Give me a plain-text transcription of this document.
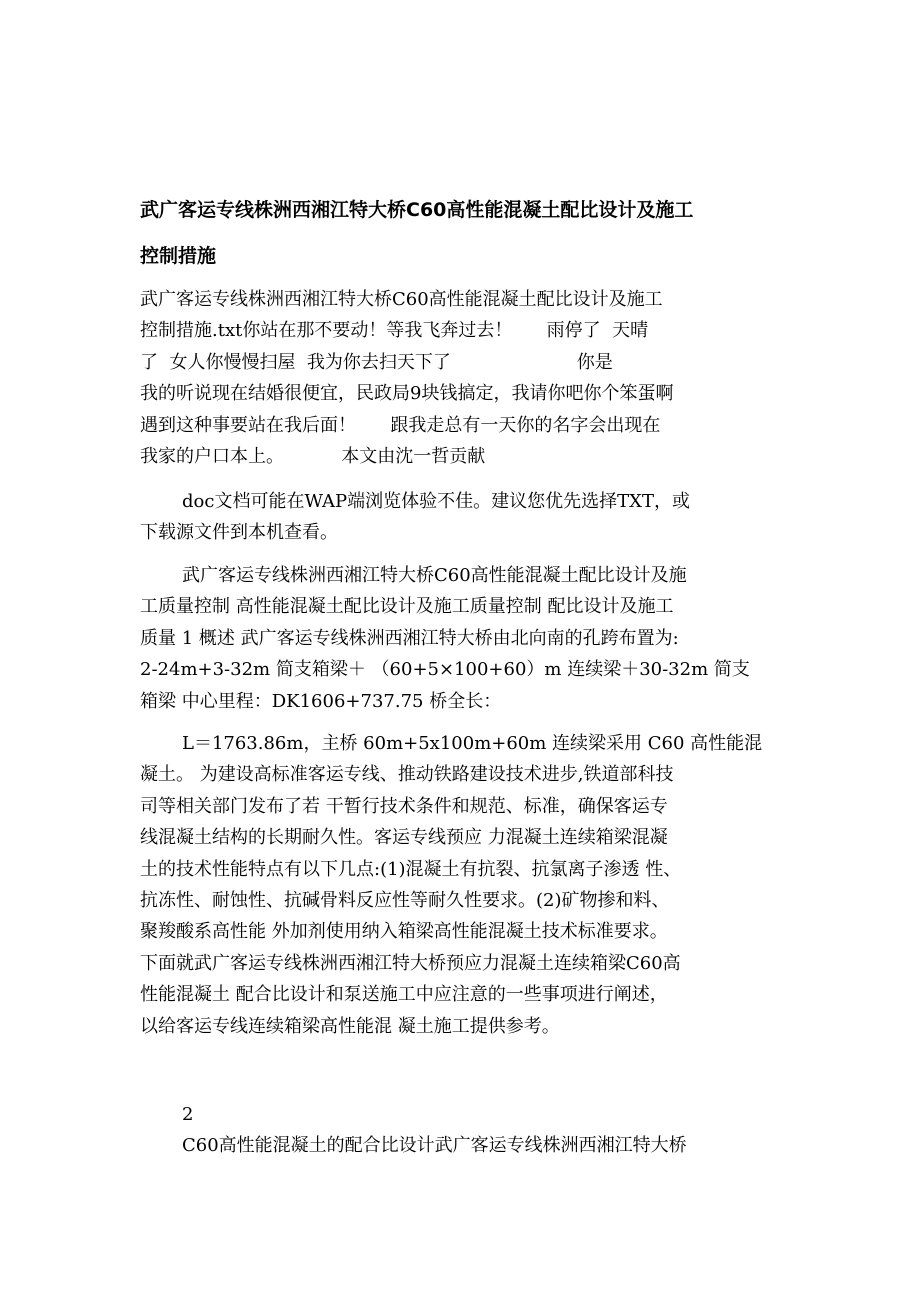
武广客运专线株洲西湘江特大桥C60高性能混凝土配比设计及施工
控制措施
武广客运专线株洲西湘江特大桥C60高性能混凝土配比设计及施工
控制措施.txt你站在那不要动！等我飞奔过去！      雨停了  天晴
了  女人你慢慢扫屋  我为你去扫天下了                      你是
我的听说现在结婚很便宜，民政局9块钱搞定，我请你吧你个笨蛋啊
遇到这种事要站在我后面！      跟我走总有一天你的名字会出现在
我家的户口本上。          本文由沈一哲贡献
doc文档可能在WAP端浏览体验不佳。建议您优先选择TXT，或
下载源文件到本机查看。
武广客运专线株洲西湘江特大桥C60高性能混凝土配比设计及施
工质量控制 高性能混凝土配比设计及施工质量控制 配比设计及施工
质量 1 概述 武广客运专线株洲西湘江特大桥由北向南的孔跨布置为:
2-24m+3-32m 简支箱梁＋ （60+5×100+60）m 连续梁＋30-32m 简支
箱梁 中心里程：DK1606+737.75 桥全长：
L＝1763.86m，主桥 60m+5x100m+60m 连续梁采用 C60 高性能混
凝土。 为建设高标准客运专线、推动铁路建设技术进步,铁道部科技
司等相关部门发布了若 干暂行技术条件和规范、标准，确保客运专
线混凝土结构的长期耐久性。客运专线预应 力混凝土连续箱梁混凝
土的技术性能特点有以下几点:(1)混凝土有抗裂、抗氯离子渗透 性、
抗冻性、耐蚀性、抗碱骨料反应性等耐久性要求。(2)矿物掺和料、
聚羧酸系高性能 外加剂使用纳入箱梁高性能混凝土技术标准要求。
下面就武广客运专线株洲西湘江特大桥预应力混凝土连续箱梁C60高
性能混凝土 配合比设计和泵送施工中应注意的一些事项进行阐述，
以给客运专线连续箱梁高性能混 凝土施工提供参考。
2
C60高性能混凝土的配合比设计武广客运专线株洲西湘江特大桥
